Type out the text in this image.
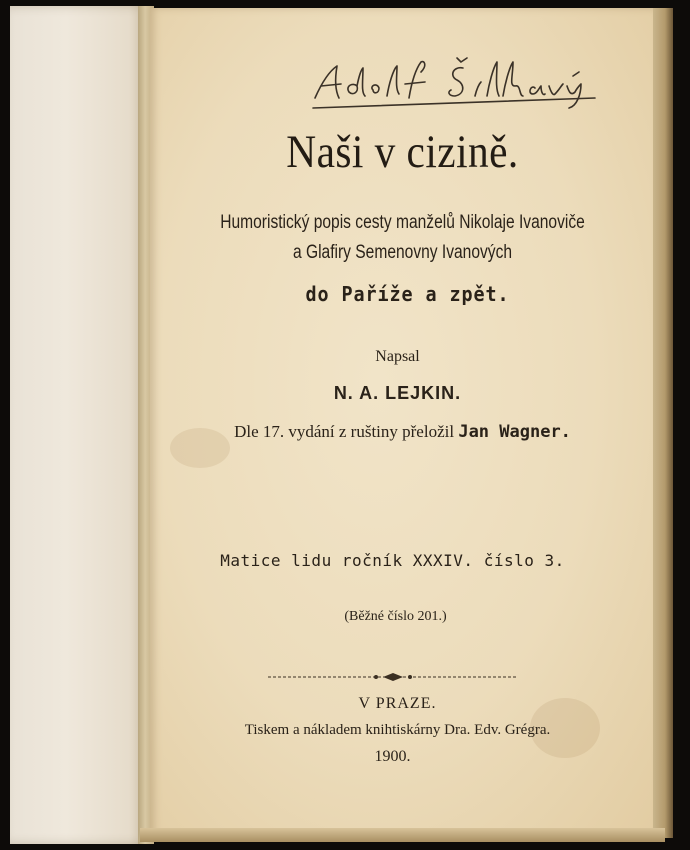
Naši v cizině.
Humoristický popis cesty manželů Nikolaje Ivanoviče
a Glafiry Semenovny Ivanových
do Paříže a zpět.
Napsal
N. A. LEJKIN.
Dle 17. vydání z ruštiny přeložil Jan Wagner.
Matice lidu ročník XXXIV. číslo 3.
(Běžné číslo 201.)
V PRAZE.
Tiskem a nákladem knihtiskárny Dra. Edv. Grégra.
1900.
